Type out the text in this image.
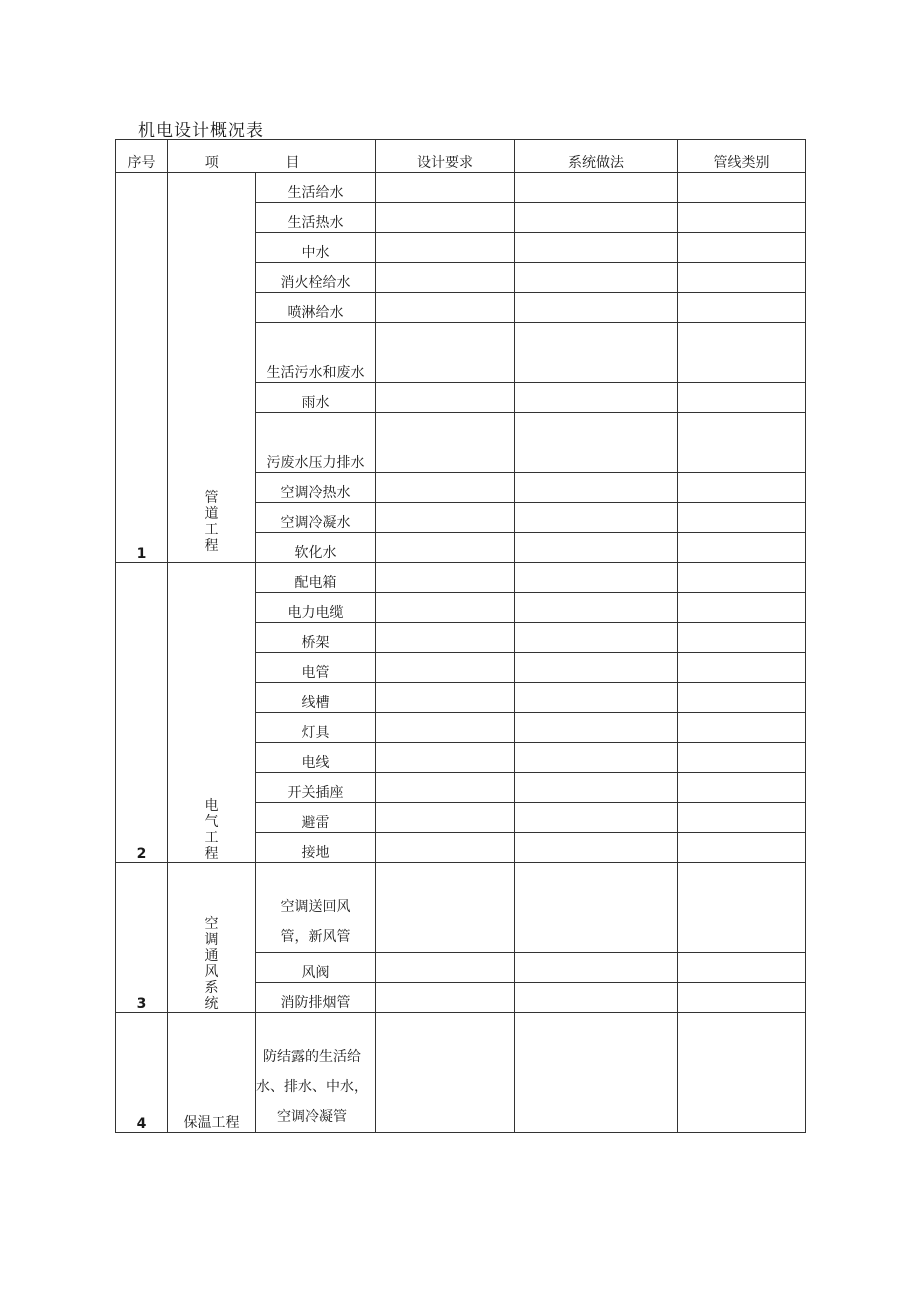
机电设计概况表
序号	项	目	设计要求	系统做法	管线类别
1	管道工程	生活给水			
		生活热水			
		中水			
		消火栓给水			
		喷淋给水			
		生活污水和废水			
		雨水			
		污废水压力排水			
		空调冷热水			
		空调冷凝水			
		软化水			
2	电气工程	配电箱			
		电力电缆			
		桥架			
		电管			
		线槽			
		灯具			
		电线			
		开关插座			
		避雷			
		接地			
3	空调通风系统	空调送回风管，新风管			
		风阀			
		消防排烟管			
4	保温工程	防结露的生活给水、排水、中水，空调冷凝管			
